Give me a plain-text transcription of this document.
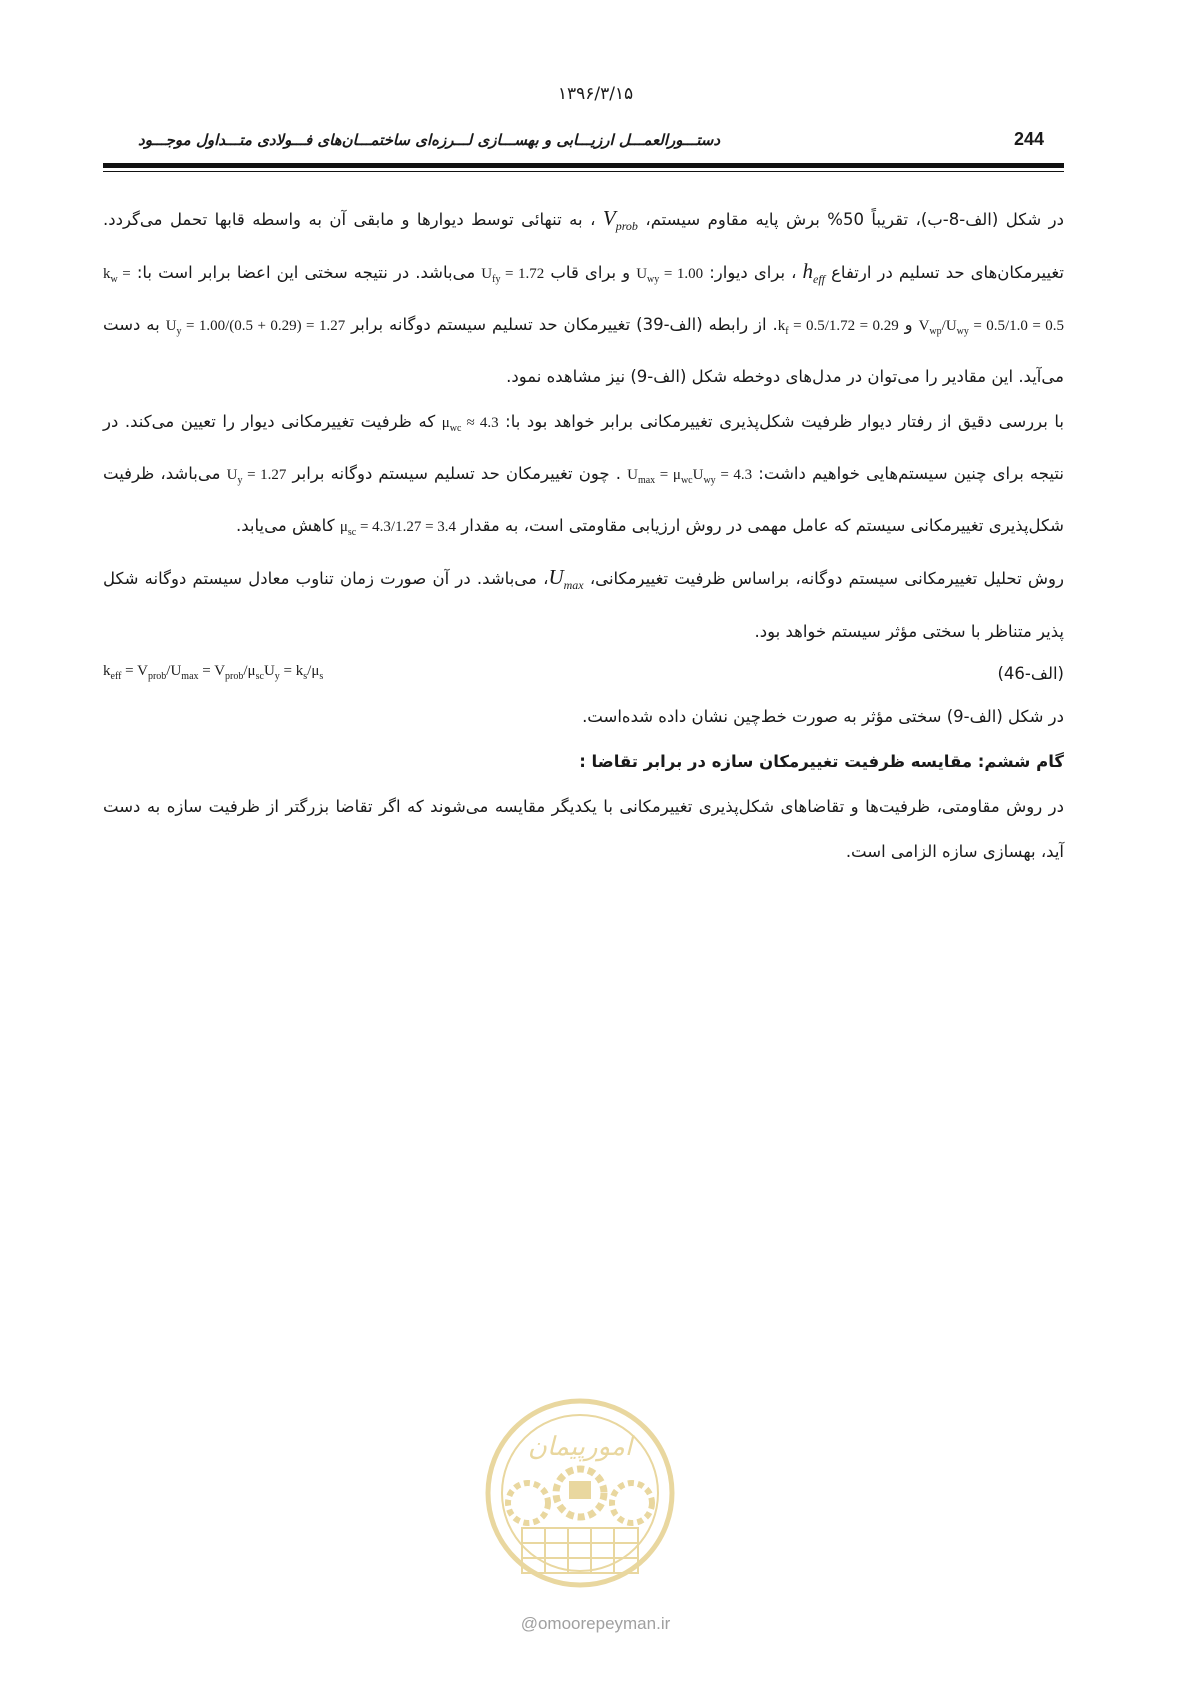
۱۳۹۶/۳/۱۵
244
دستـــورالعمـــل ارزیـــابی و بهســـازی لـــرزه‌ای ساختمـــان‌های فـــولادی متـــداول موجـــود

در شکل (الف-8-ب)، تقریباً 50% برش پایه مقاوم سیستم، $V_{prob}$ ، به تنهائی توسط دیوارها و مابقی آن به واسطه قابها تحمل می‌گردد. تغییرمکان‌های حد تسلیم در ارتفاع $h_{eff}$ ، برای دیوار: $U_{wy} = 1.00$ و برای قاب $U_{fy} = 1.72$ می‌باشد. در نتیجه سختی این اعضا برابر است با: $k_w = V_{wp}/U_{wy} = 0.5/1.0 = 0.5$ و $k_f = 0.5/1.72 = 0.29$. از رابطه (الف-39) تغییرمکان حد تسلیم سیستم دوگانه برابر $U_y = 1.00/(0.5 + 0.29) = 1.27$ به دست می‌آید. این مقادیر را می‌توان در مدل‌های دوخطه شکل (الف-9) نیز مشاهده نمود.

با بررسی دقیق از رفتار دیوار ظرفیت شکل‌پذیری تغییرمکانی برابر خواهد بود با: $\mu_{wc} \approx 4.3$ که ظرفیت تغییرمکانی دیوار را تعیین می‌کند. در نتیجه برای چنین سیستم‌هایی خواهیم داشت: $U_{max} = \mu_{wc}U_{wy} = 4.3$ . چون تغییرمکان حد تسلیم سیستم دوگانه برابر $U_y = 1.27$ می‌باشد، ظرفیت شکل‌پذیری تغییرمکانی سیستم که عامل مهمی در روش ارزیابی مقاومتی است، به مقدار $\mu_{sc} = 4.3/1.27 = 3.4$ کاهش می‌یابد.

روش تحلیل تغییرمکانی سیستم دوگانه، براساس ظرفیت تغییرمکانی، $U_{max}،$ می‌باشد. در آن صورت زمان تناوب معادل سیستم دوگانه شکل پذیر متناظر با سختی مؤثر سیستم خواهد بود.

$k_{eff} = V_{prob}/U_{max} = V_{prob}/\mu_{sc}U_y = k_s/\mu_s$	(الف-46)

در شکل (الف-9) سختی مؤثر به صورت خط‌چین نشان داده شده‌است.

گام ششم: مقایسه ظرفیت تغییرمکان سازه در برابر تقاضا :

در روش مقاومتی، ظرفیت‌ها و تقاضاهای شکل‌پذیری تغییرمکانی با یکدیگر مقایسه می‌شوند که اگر تقاضا بزرگتر از ظرفیت سازه به دست آید، بهسازی سازه الزامی است.

امورپیمان
@omoorepeyman.ir
